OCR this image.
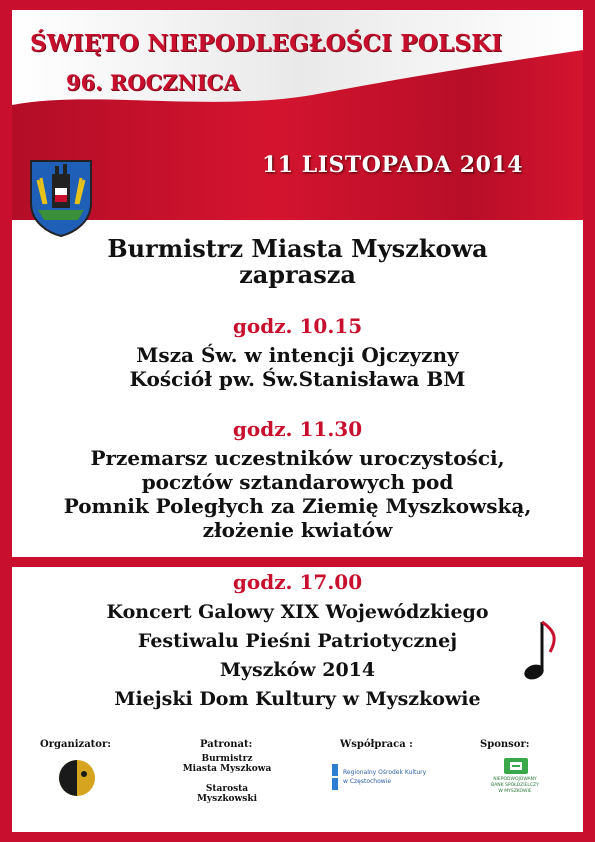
ŚWIĘTO NIEPODLEGŁOŚCI POLSKI
96. ROCZNICA
11 LISTOPADA 2014
Burmistrz Miasta Myszkowa
zaprasza
godz. 10.15
Msza Św. w intencji Ojczyzny
Kościół pw. Św.Stanisława BM
godz. 11.30
Przemarsz uczestników uroczystości,
pocztów sztandarowych pod
Pomnik Poległych za Ziemię Myszkowską,
złożenie kwiatów
godz. 17.00
Koncert Galowy XIX Wojewódzkiego
Festiwalu Pieśni Patriotycznej
Myszków 2014
Miejski Dom Kultury w Myszkowie
Organizator:	Patronat:
Burmistrz
Miasta Myszkowa
Starosta
Myszkowski
Współpraca :
Regionalny Ośrodek Kultury
w Częstochowie
Sponsor:
NIEPODWOJOWANY
BANK SPÓŁDZIELCZY
W MYSZKOWIE
